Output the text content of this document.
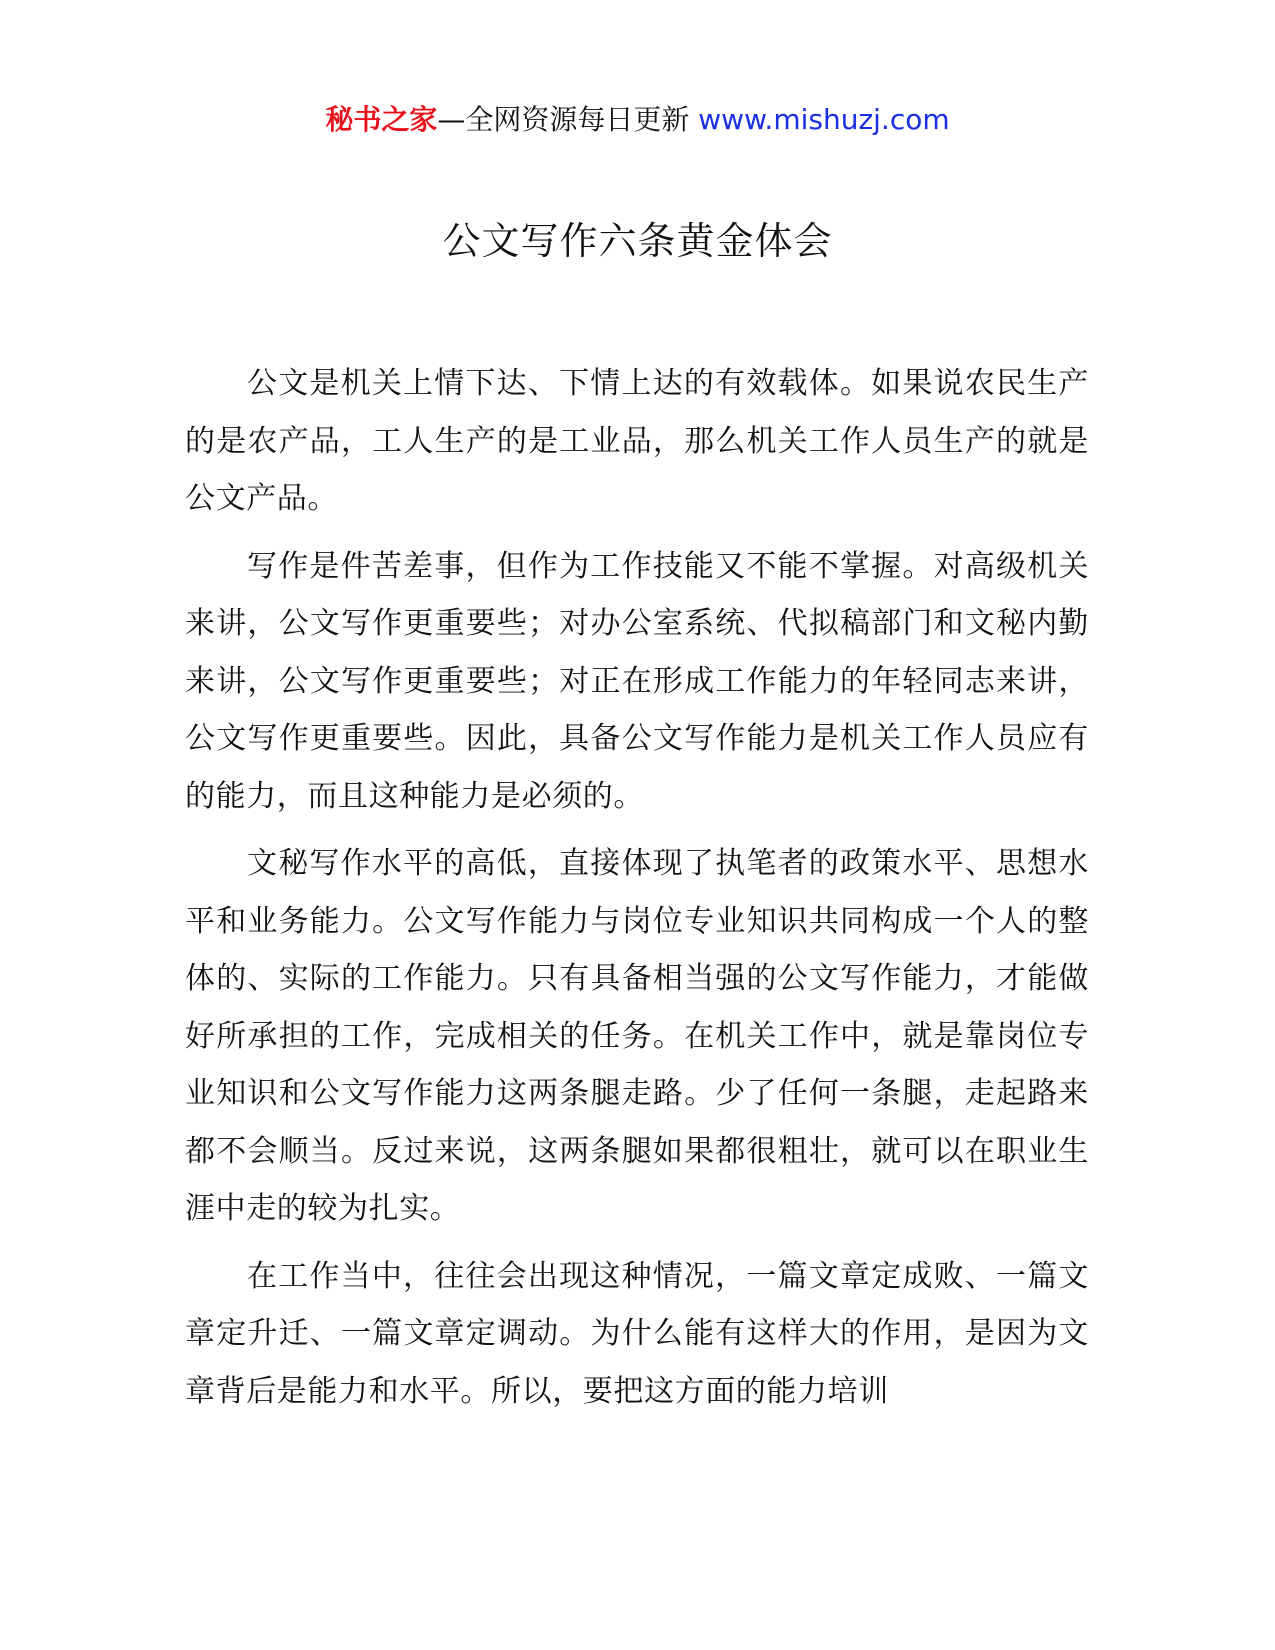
秘书之家—全网资源每日更新 www.mishuzj.com
公文写作六条黄金体会

公文是机关上情下达、下情上达的有效载体。如果说农民生产的是农产品，工人生产的是工业品，那么机关工作人员生产的就是公文产品。

写作是件苦差事，但作为工作技能又不能不掌握。对高级机关来讲，公文写作更重要些；对办公室系统、代拟稿部门和文秘内勤来讲，公文写作更重要些；对正在形成工作能力的年轻同志来讲，公文写作更重要些。因此，具备公文写作能力是机关工作人员应有的能力，而且这种能力是必须的。

文秘写作水平的高低，直接体现了执笔者的政策水平、思想水平和业务能力。公文写作能力与岗位专业知识共同构成一个人的整体的、实际的工作能力。只有具备相当强的公文写作能力，才能做好所承担的工作，完成相关的任务。在机关工作中，就是靠岗位专业知识和公文写作能力这两条腿走路。少了任何一条腿，走起路来都不会顺当。反过来说，这两条腿如果都很粗壮，就可以在职业生涯中走的较为扎实。

在工作当中，往往会出现这种情况，一篇文章定成败、一篇文章定升迁、一篇文章定调动。为什么能有这样大的作用，是因为文章背后是能力和水平。所以，要把这方面的能力培训
